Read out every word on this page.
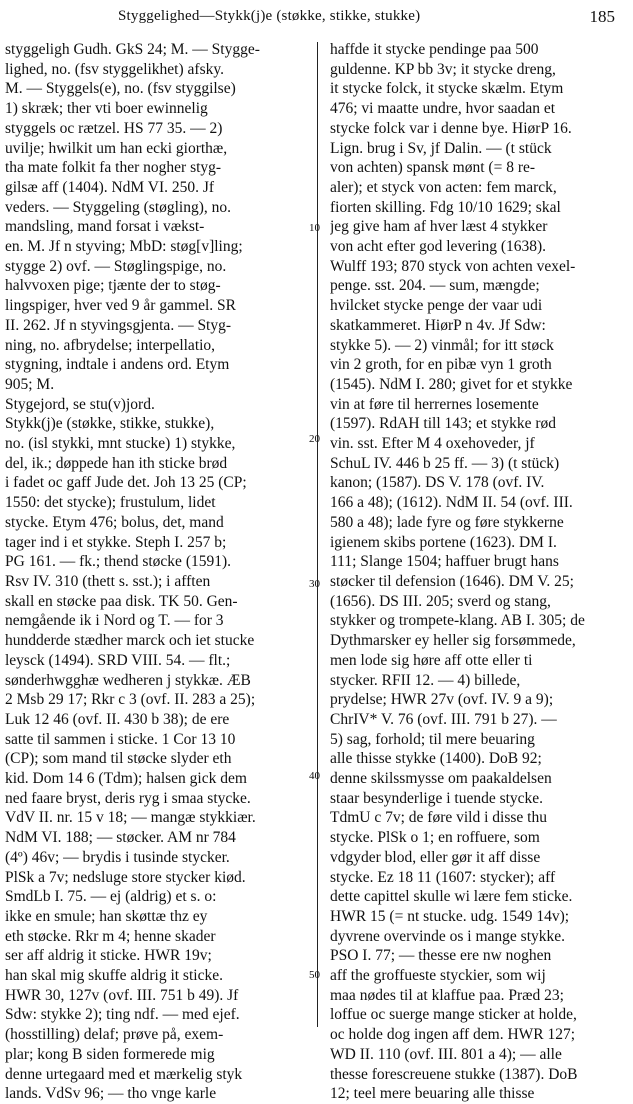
Styggelighed—Stykk(j)e (støkke, stikke, stukke)	185
10
20
30
40
50

styggeligh Gudh. GkS 24; M. — Stygge-

lighed, no. (fsv styggelikhet) afsky.

M. — Styggels(e), no. (fsv styggilse)

1) skræk; ther vti boer ewinnelig

styggels oc rætzel. HS 77 35. — 2)

uvilje; hwilkit um han ecki giorthæ,

tha mate folkit fa ther nogher styg-

gilsæ aff (1404). NdM VI. 250. Jf

veders. — Styggeling (støgling), no.

mandsling, mand forsat i vækst-

en. M. Jf n styving; MbD: støg[v]ling;

stygge 2) ovf. — Støglingspige, no.

halvvoxen pige; tjænte der to støg-

lingspiger, hver ved 9 år gammel. SR

II. 262. Jf n styvingsgjenta. — Styg-

ning, no. afbrydelse; interpellatio,

stygning, indtale i andens ord. Etym

905; M.

Stygejord, se stu(v)jord.

Stykk(j)e (støkke, stikke, stukke),

no. (isl stykki, mnt stucke) 1) stykke,

del, ik.; døppede han ith sticke brød

i fadet oc gaff Jude det. Joh 13 25 (CP;

1550: det stycke); frustulum, lidet

stycke. Etym 476; bolus, det, mand

tager ind i et stykke. Steph I. 257 b;

PG 161. — fk.; thend støcke (1591).

Rsv IV. 310 (thett s. sst.); i afften

skall en støcke paa disk. TK 50. Gen-

nemgående ik i Nord og T. — for 3

hundderde stædher marck och iet stucke

leysck (1494). SRD VIII. 54. — flt.;

sønderhwgghæ wedheren j stykkæ. ÆB

2 Msb 29 17; Rkr c 3 (ovf. II. 283 a 25);

Luk 12 46 (ovf. II. 430 b 38); de ere

satte til sammen i sticke. 1 Cor 13 10

(CP); som mand til støcke slyder eth

kid. Dom 14 6 (Tdm); halsen gick dem

ned faare bryst, deris ryg i smaa stycke.

VdV II. nr. 15 v 18; — mangæ stykkiær.

NdM VI. 188; — støcker. AM nr 784

(4º) 46v; — brydis i tusinde stycker.

PlSk a 7v; nedsluge store stycker kiød.

SmdLb I. 75. — ej (aldrig) et s. o:

ikke en smule; han skøttæ thz ey

eth støcke. Rkr m 4; henne skader

ser aff aldrig it sticke. HWR 19v;

han skal mig skuffe aldrig it sticke.

HWR 30, 127v (ovf. III. 751 b 49). Jf

Sdw: stykke 2); ting ndf. — med ejef.

(hosstilling) delaf; prøve på, exem-

plar; kong B siden formerede mig

denne urtegaard med et mærkelig styk

lands. VdSv 96; — tho vnge karle

haffde it stycke pendinge paa 500

guldenne. KP bb 3v; it stycke dreng,

it stycke folck, it stycke skælm. Etym

476; vi maatte undre, hvor saadan et

stycke folck var i denne bye. HiørP 16.

Lign. brug i Sv, jf Dalin. — (t stück

von achten) spansk mønt (= 8 re-

aler); et styck von acten: fem marck,

fiorten skilling. Fdg 10/10 1629; skal

jeg give ham af hver læst 4 stykker

von acht efter god levering (1638).

Wulff 193; 870 styck von achten vexel-

penge. sst. 204. — sum, mængde;

hvilcket stycke penge der vaar udi

skatkammeret. HiørP n 4v. Jf Sdw:

stykke 5). — 2) vinmål; for itt støck

vin 2 groth, for en pibæ vyn 1 groth

(1545). NdM I. 280; givet for et stykke

vin at føre til herrernes losemente

(1597). RdAH till 143; et stykke rød

vin. sst. Efter M 4 oxehoveder, jf

SchuL IV. 446 b 25 ff. — 3) (t stück)

kanon; (1587). DS V. 178 (ovf. IV.

166 a 48); (1612). NdM II. 54 (ovf. III.

580 a 48); lade fyre og føre stykkerne

igienem skibs portene (1623). DM I.

111; Slange 1504; haffuer brugt hans

støcker til defension (1646). DM V. 25;

(1656). DS III. 205; sverd og stang,

stykker og trompete-klang. AB I. 305; de

Dythmarsker ey heller sig forsømmede,

men lode sig høre aff otte eller ti

stycker. RFII 12. — 4) billede,

prydelse; HWR 27v (ovf. IV. 9 a 9);

ChrIV* V. 76 (ovf. III. 791 b 27). —

5) sag, forhold; til mere beuaring

alle thisse stykke (1400). DoB 92;

denne skilssmysse om paakaldelsen

staar besynderlige i tuende stycke.

TdmU c 7v; de føre vild i disse thu

stycke. PlSk o 1; en roffuere, som

vdgyder blod, eller gør it aff disse

stycke. Ez 18 11 (1607: stycker); aff

dette capittel skulle wi lære fem sticke.

HWR 15 (= nt stucke. udg. 1549 14v);

dyvrene overvinde os i mange stykke.

PSO I. 77; — thesse ere nw noghen

aff the groffueste styckier, som wij

maa nødes til at klaffue paa. Præd 23;

loffue oc suerge mange sticker at holde,

oc holde dog ingen aff dem. HWR 127;

WD II. 110 (ovf. III. 801 a 4); — alle

thesse forescreuene stukke (1387). DoB

12; teel mere beuaring alle thisse
